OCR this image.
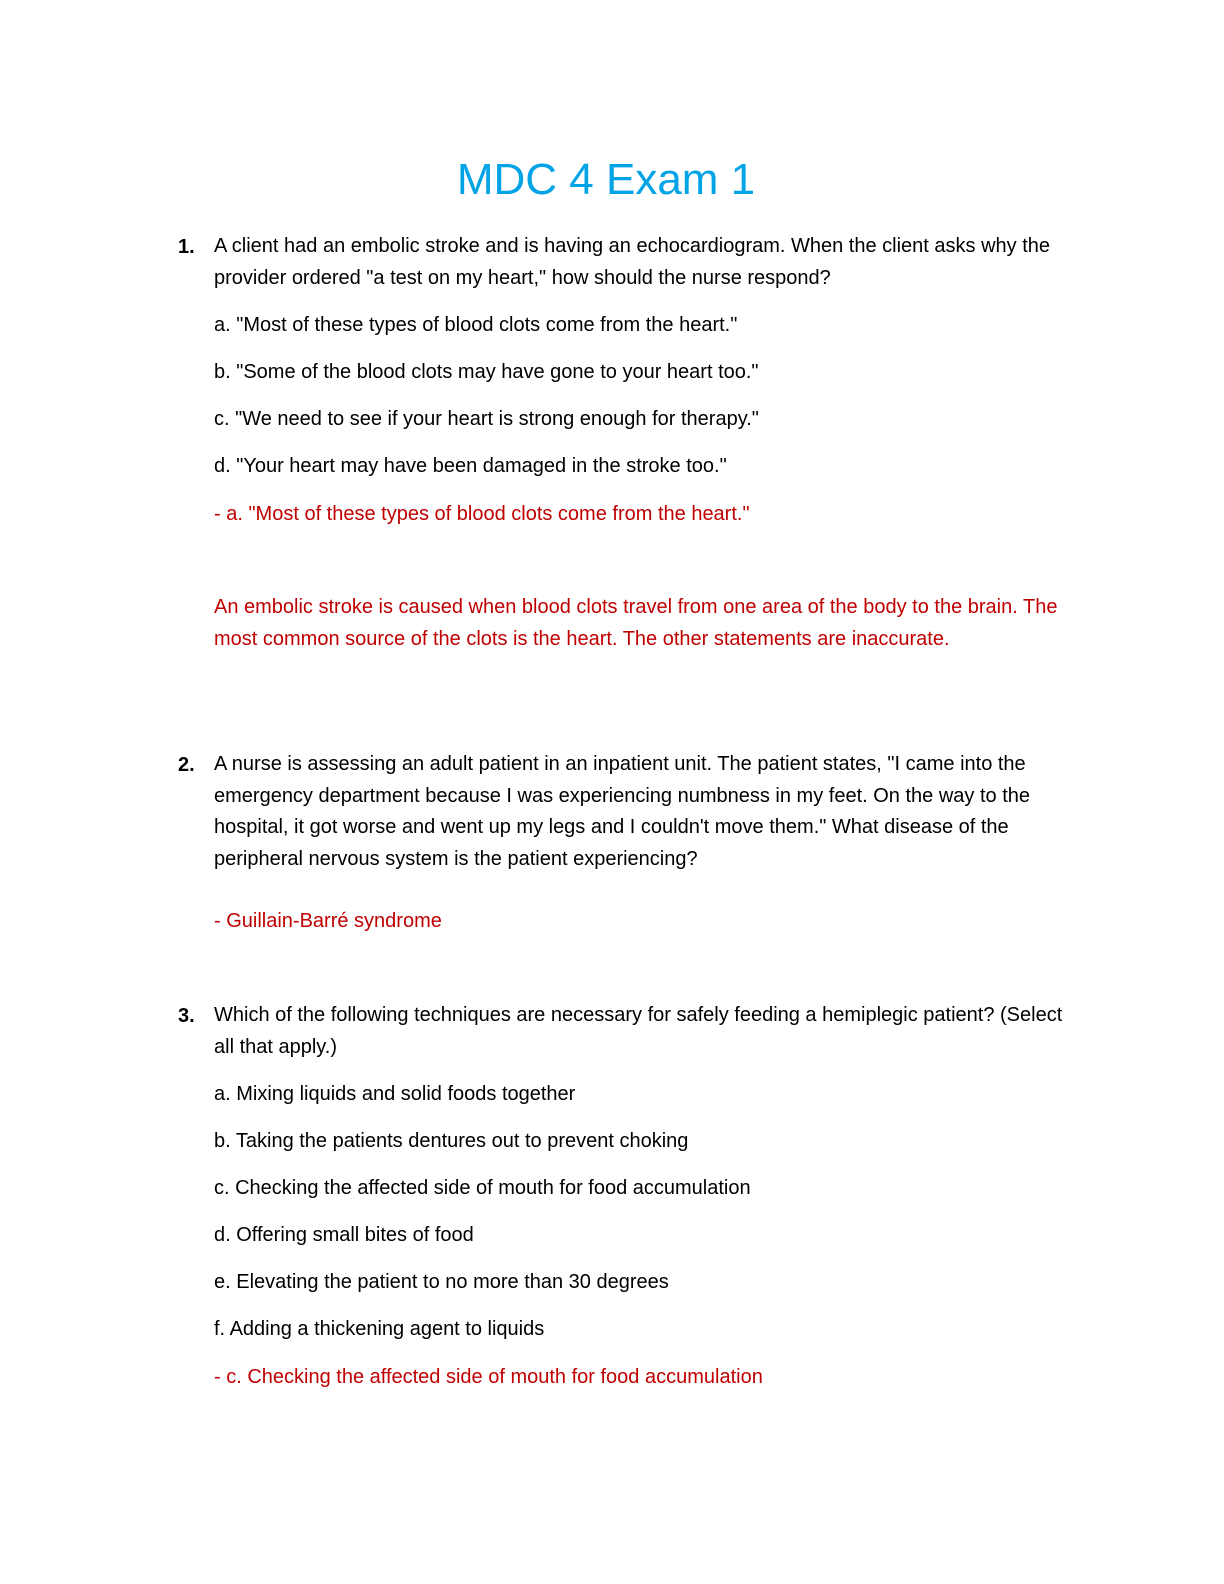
MDC 4 Exam 1
1. A client had an embolic stroke and is having an echocardiogram. When the client asks why the provider ordered "a test on my heart," how should the nurse respond?
a. "Most of these types of blood clots come from the heart."
b. "Some of the blood clots may have gone to your heart too."
c. "We need to see if your heart is strong enough for therapy."
d. "Your heart may have been damaged in the stroke too."
- a. "Most of these types of blood clots come from the heart."
An embolic stroke is caused when blood clots travel from one area of the body to the brain. The most common source of the clots is the heart. The other statements are inaccurate.
2. A nurse is assessing an adult patient in an inpatient unit. The patient states, "I came into the emergency department because I was experiencing numbness in my feet. On the way to the hospital, it got worse and went up my legs and I couldn't move them." What disease of the peripheral nervous system is the patient experiencing?
- Guillain-Barré syndrome
3. Which of the following techniques are necessary for safely feeding a hemiplegic patient? (Select all that apply.)
a. Mixing liquids and solid foods together
b. Taking the patients dentures out to prevent choking
c. Checking the affected side of mouth for food accumulation
d. Offering small bites of food
e. Elevating the patient to no more than 30 degrees
f. Adding a thickening agent to liquids
- c. Checking the affected side of mouth for food accumulation
